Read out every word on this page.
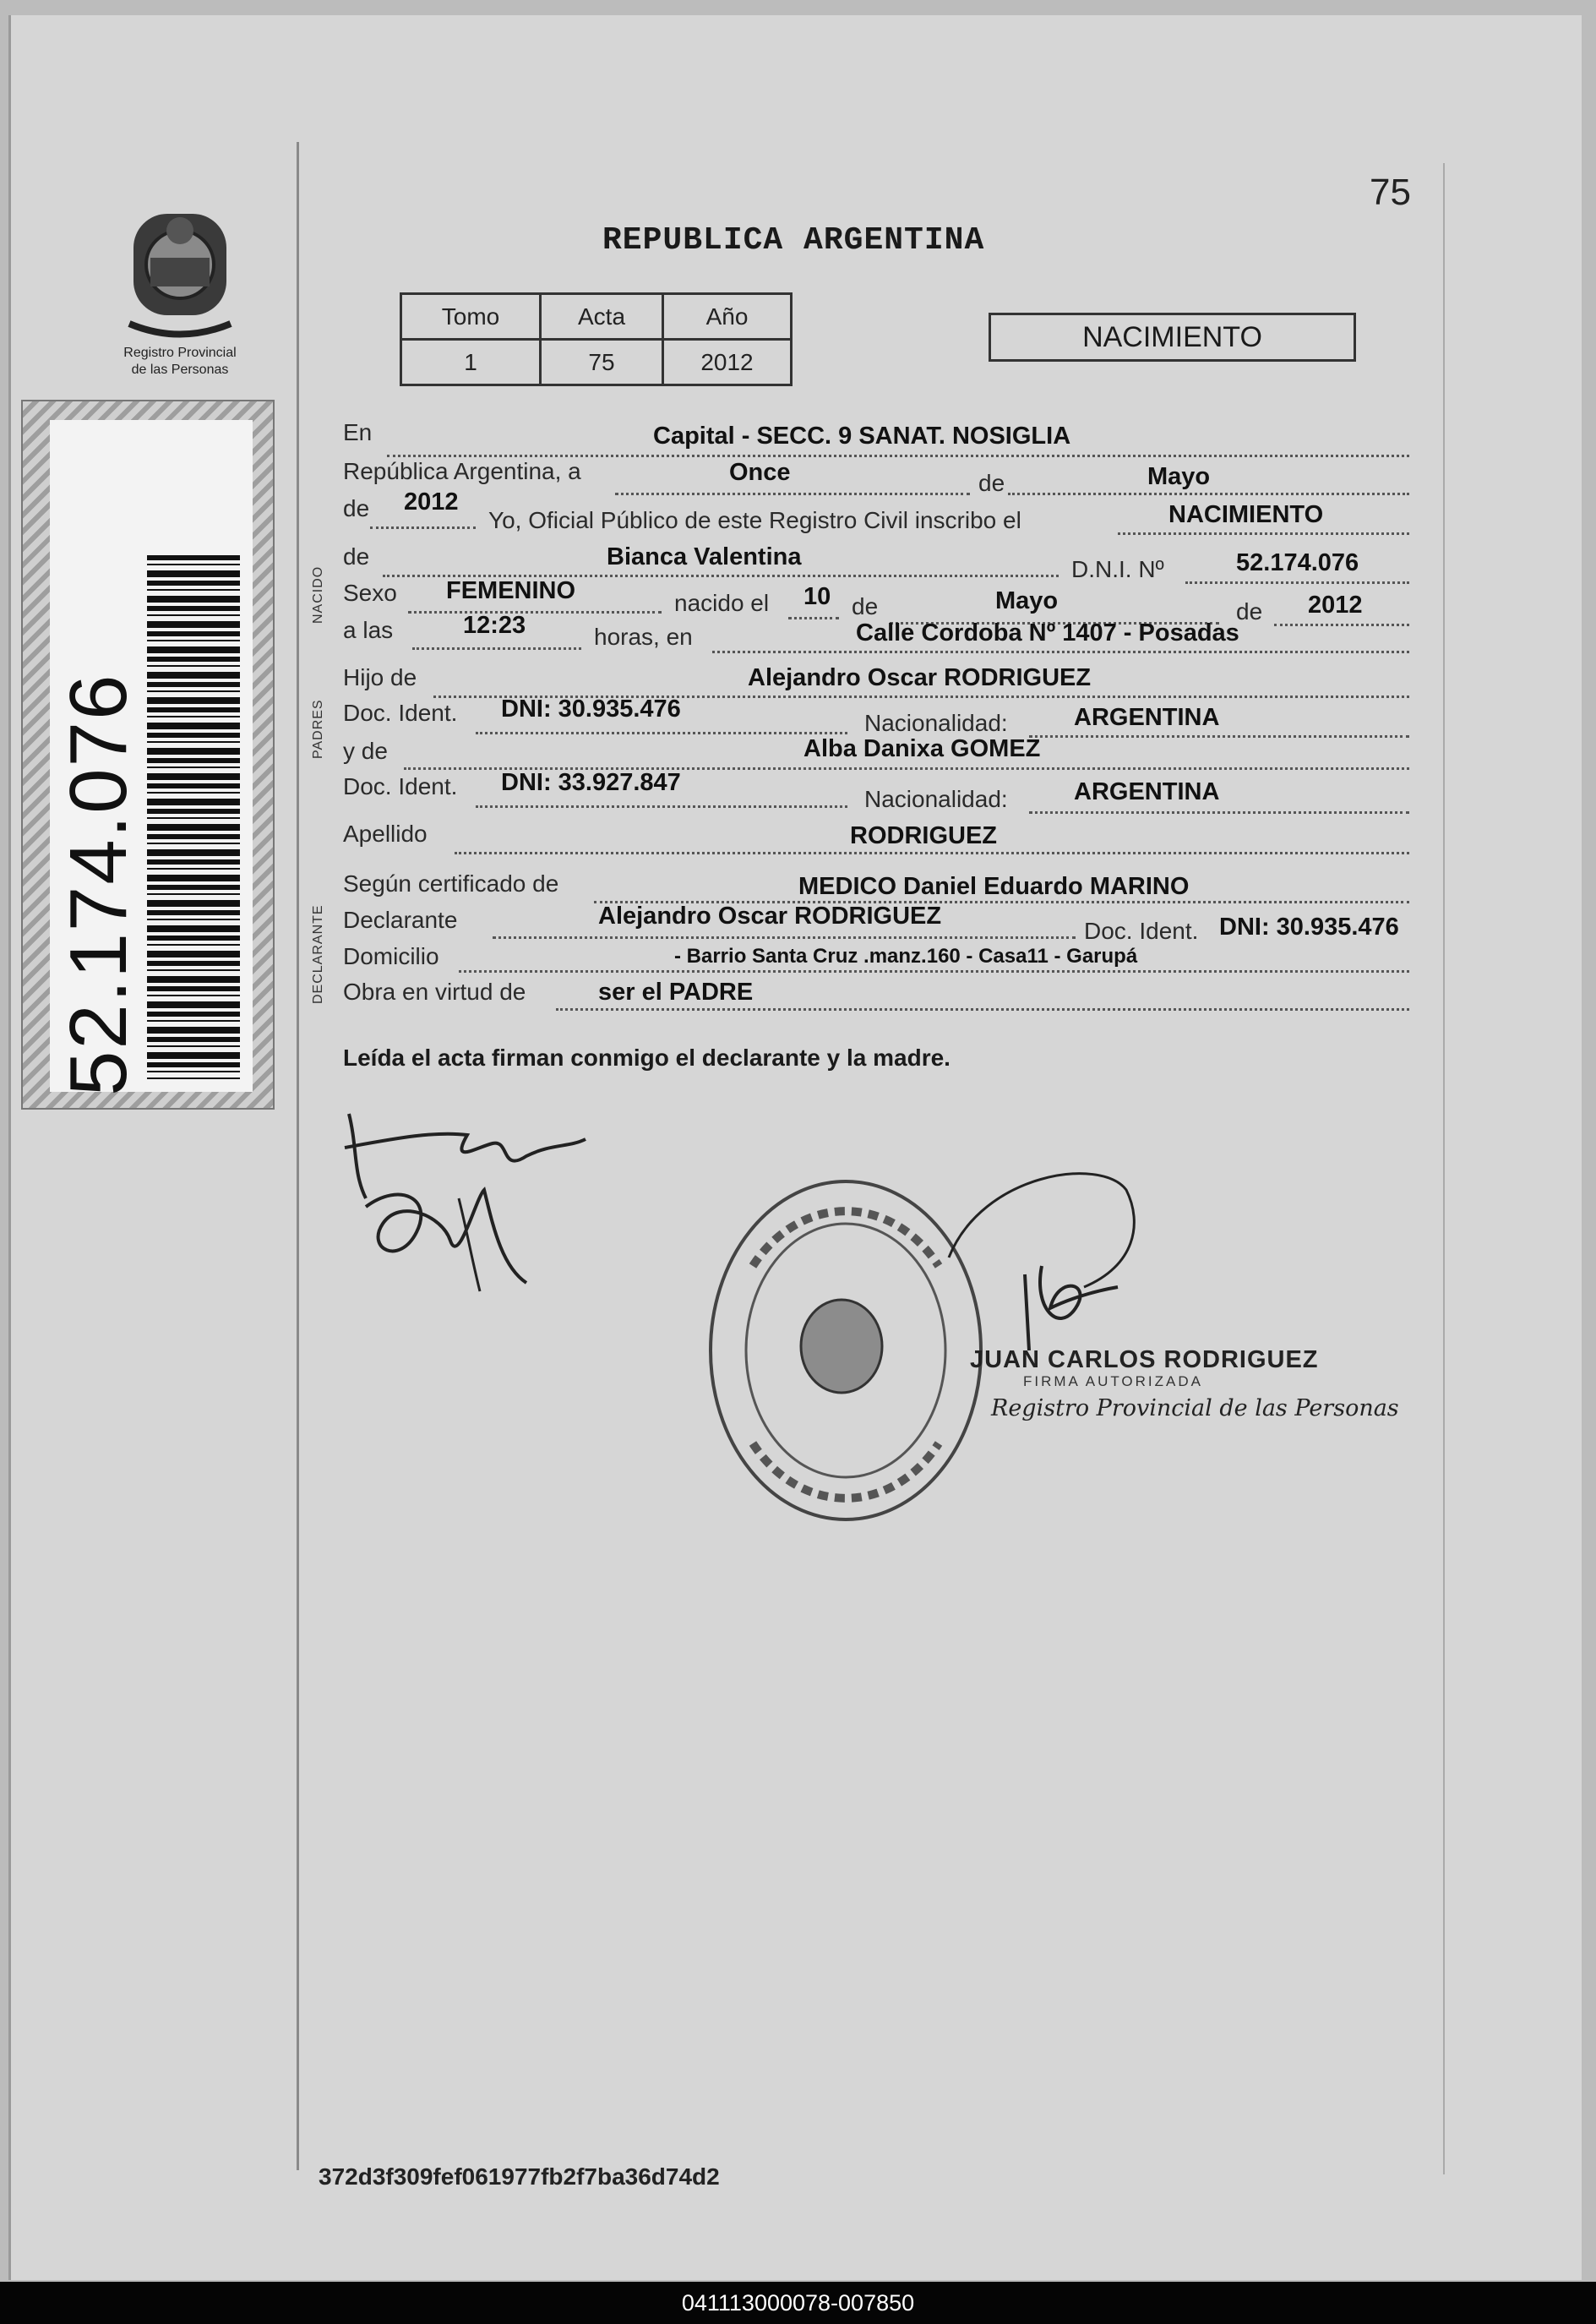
75
Registro Provincial
de las Personas
52.174.076
REPUBLICA ARGENTINA
Tomo	Acta	Año
1	75	2012
NACIMIENTO
NACIDO
PADRES
DECLARANTE
En	Capital - SECC. 9 SANAT. NOSIGLIA
República Argentina, a	Once	de	Mayo
de 2012
Yo, Oficial Público de este Registro Civil inscribo el	NACIMIENTO
de	Bianca Valentina	D.N.I. Nº	52.174.076
Sexo FEMENINO	nacido el 10 de	Mayo	de 2012
a las	12:23	horas, en	Calle Cordoba Nº 1407 - Posadas
Hijo de	Alejandro Oscar RODRIGUEZ
Doc. Ident. DNI: 30.935.476
Nacionalidad:	ARGENTINA
y de	Alba Danixa GOMEZ
Doc. Ident. DNI: 33.927.847
Nacionalidad:	ARGENTINA
Apellido	RODRIGUEZ
Según certificado de	MEDICO Daniel Eduardo MARINO
Declarante	Alejandro Oscar RODRIGUEZ
Doc. Ident. DNI: 30.935.476
Domicilio	- Barrio Santa Cruz .manz.160 - Casa11 - Garupá
Obra en virtud de	ser el PADRE
Leída el acta firman conmigo el declarante y la madre.
JUAN CARLOS RODRIGUEZ
FIRMA AUTORIZADA
Registro Provincial de las Personas
372d3f309fef061977fb2f7ba36d74d2
041113000078-007850
